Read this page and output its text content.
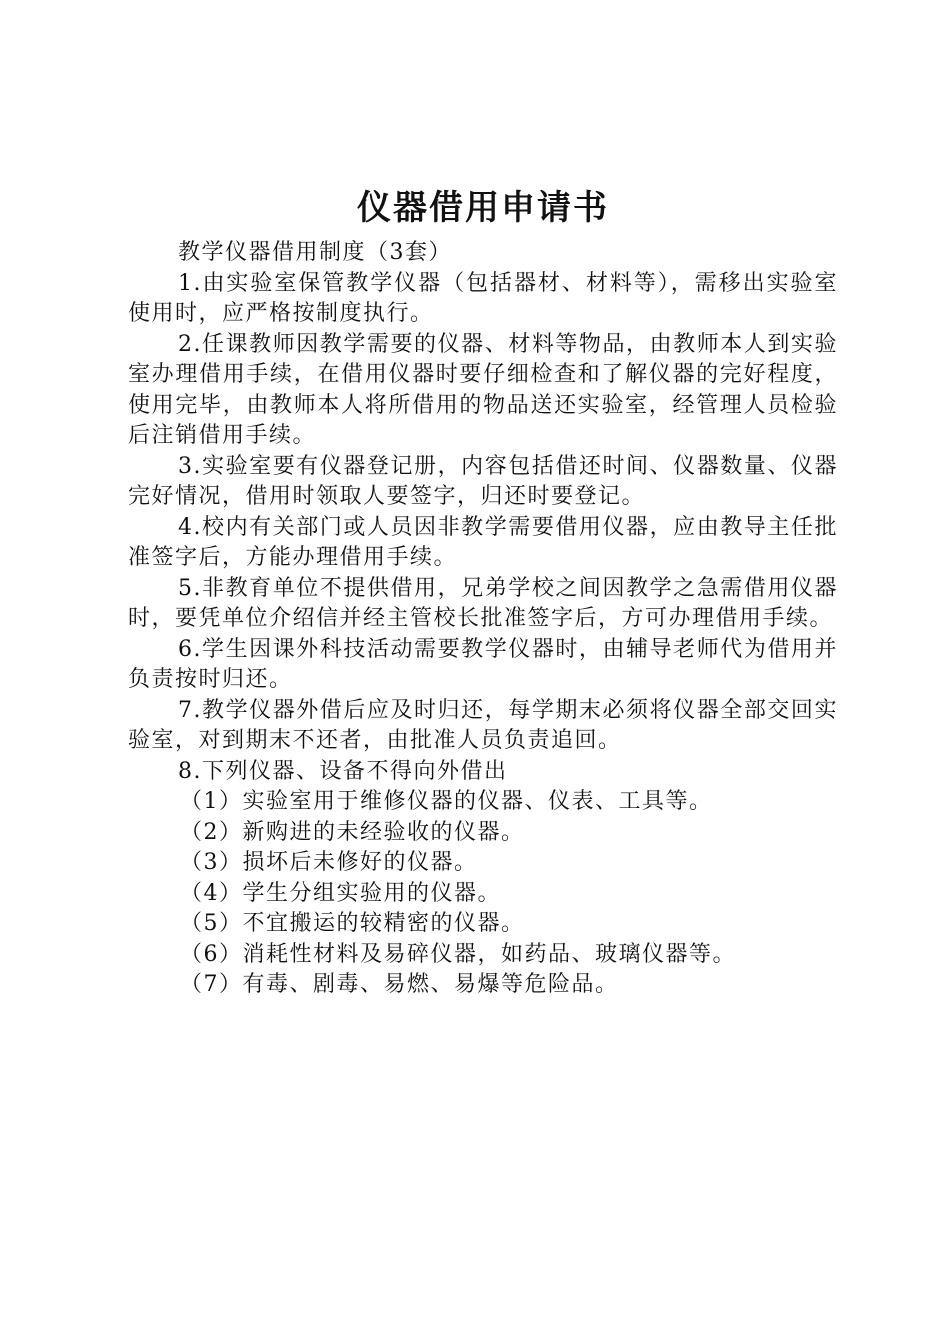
仪器借用申请书

教学仪器借用制度（3套）

1.由实验室保管教学仪器（包括器材、材料等），需移出实验室使用时，应严格按制度执行。

2.任课教师因教学需要的仪器、材料等物品，由教师本人到实验室办理借用手续，在借用仪器时要仔细检查和了解仪器的完好程度，使用完毕，由教师本人将所借用的物品送还实验室，经管理人员检验后注销借用手续。

3.实验室要有仪器登记册，内容包括借还时间、仪器数量、仪器完好情况，借用时领取人要签字，归还时要登记。

4.校内有关部门或人员因非教学需要借用仪器，应由教导主任批准签字后，方能办理借用手续。

5.非教育单位不提供借用，兄弟学校之间因教学之急需借用仪器时，要凭单位介绍信并经主管校长批准签字后，方可办理借用手续。

6.学生因课外科技活动需要教学仪器时，由辅导老师代为借用并负责按时归还。

7.教学仪器外借后应及时归还，每学期末必须将仪器全部交回实验室，对到期末不还者，由批准人员负责追回。

8.下列仪器、设备不得向外借出

（1）实验室用于维修仪器的仪器、仪表、工具等。

（2）新购进的未经验收的仪器。

（3）损坏后未修好的仪器。

（4）学生分组实验用的仪器。

（5）不宜搬运的较精密的仪器。

（6）消耗性材料及易碎仪器，如药品、玻璃仪器等。

（7）有毒、剧毒、易燃、易爆等危险品。
